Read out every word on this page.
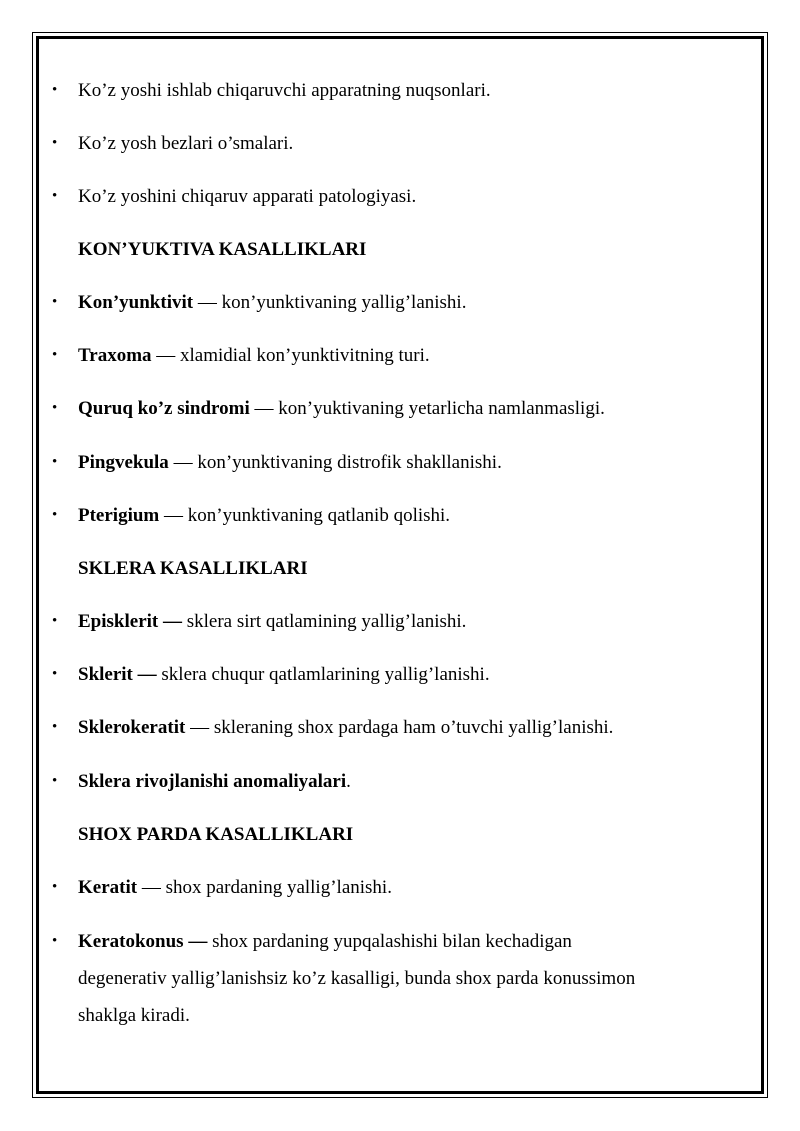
•	Ko’z yoshi ishlab chiqaruvchi apparatning nuqsonlari.
•	Ko’z yosh bezlari o’smalari.
•	Ko’z yoshini chiqaruv apparati patologiyasi.
KON’YUKTIVA KASALLIKLARI
•	Kon’yunktivit — kon’yunktivaning yallig’lanishi.
•	Traxoma — xlamidial kon’yunktivitning turi.
•	Quruq ko’z sindromi — kon’yuktivaning yetarlicha namlanmasligi.
•	Pingvekula — kon’yunktivaning distrofik shakllanishi.
•	Pterigium — kon’yunktivaning qatlanib qolishi.
SKLERA KASALLIKLARI
•	Episklerit — sklera sirt qatlamining yallig’lanishi.
•	Sklerit — sklera chuqur qatlamlarining yallig’lanishi.
•	Sklerokeratit — skleraning shox pardaga ham o’tuvchi yallig’lanishi.
•	Sklera rivojlanishi anomaliyalari.
SHOX PARDA KASALLIKLARI
•	Keratit — shox pardaning yallig’lanishi.
•	Keratokonus — shox pardaning yupqalashishi bilan kechadigan
degenerativ yallig’lanishsiz ko’z kasalligi, bunda shox parda konussimon
shaklga kiradi.
